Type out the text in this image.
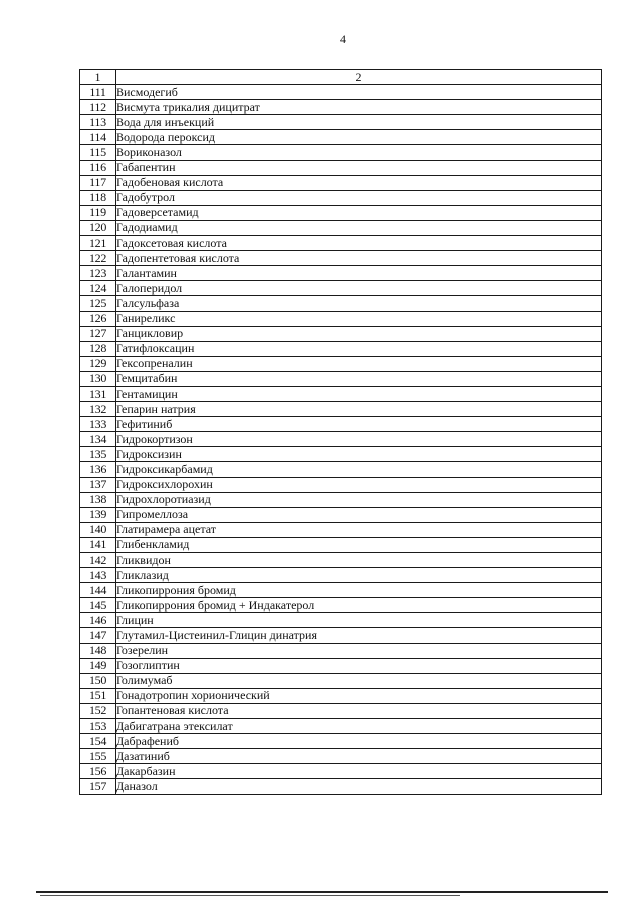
4
1	2
111	Висмодегиб
112	Висмута трикалия дицитрат
113	Вода для инъекций
114	Водорода пероксид
115	Вориконазол
116	Габапентин
117	Гадобеновая кислота
118	Гадобутрол
119	Гадоверсетамид
120	Гадодиамид
121	Гадоксетовая кислота
122	Гадопентетовая кислота
123	Галантамин
124	Галоперидол
125	Галсульфаза
126	Ганиреликс
127	Ганцикловир
128	Гатифлоксацин
129	Гексопреналин
130	Гемцитабин
131	Гентамицин
132	Гепарин натрия
133	Гефитиниб
134	Гидрокортизон
135	Гидроксизин
136	Гидроксикарбамид
137	Гидроксихлорохин
138	Гидрохлоротиазид
139	Гипромеллоза
140	Глатирамера ацетат
141	Глибенкламид
142	Гликвидон
143	Гликлазид
144	Гликопиррония бромид
145	Гликопиррония бромид + Индакатерол
146	Глицин
147	Глутамил-Цистеинил-Глицин динатрия
148	Гозерелин
149	Гозоглиптин
150	Голимумаб
151	Гонадотропин хорионический
152	Гопантеновая кислота
153	Дабигатрана этексилат
154	Дабрафениб
155	Дазатиниб
156	Дакарбазин
157	Даназол
